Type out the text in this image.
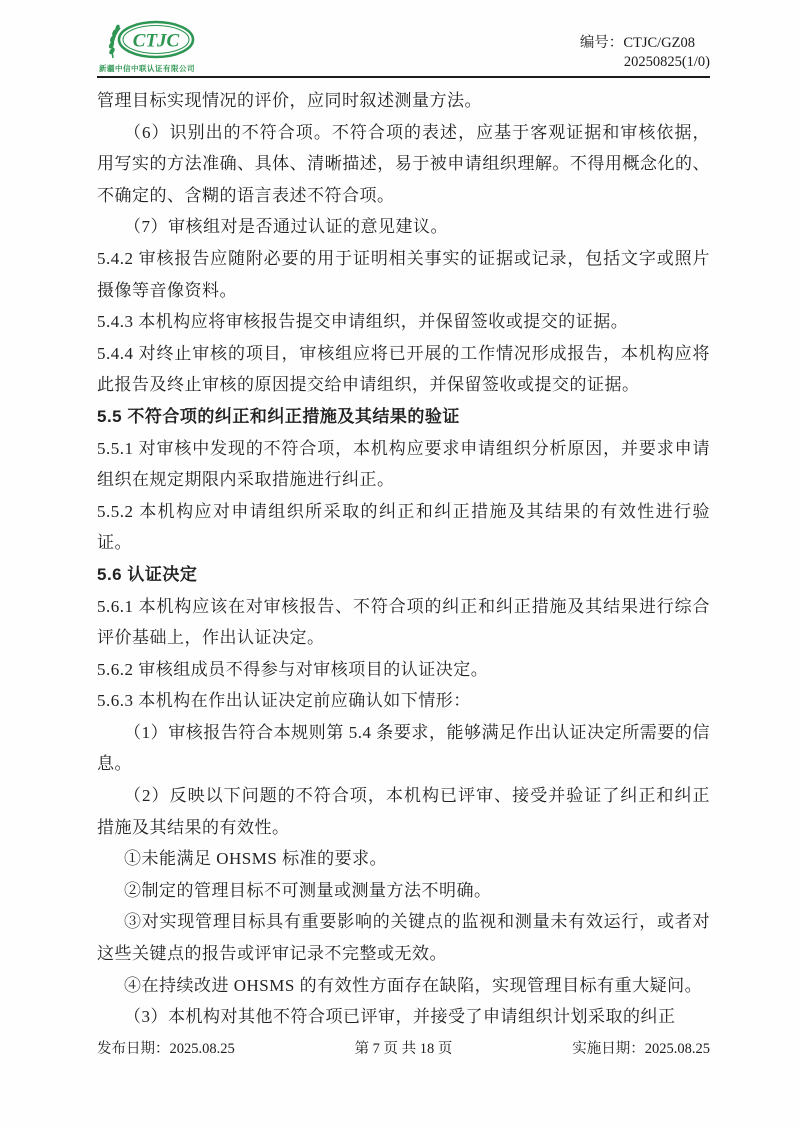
CTJC
新疆中信中联认证有限公司
编号：CTJC/GZ08
20250825(1/0)

管理目标实现情况的评价，应同时叙述测量方法。

（6）识别出的不符合项。不符合项的表述，应基于客观证据和审核依据，用写实的方法准确、具体、清晰描述，易于被申请组织理解。不得用概念化的、不确定的、含糊的语言表述不符合项。

（7）审核组对是否通过认证的意见建议。

5.4.2 审核报告应随附必要的用于证明相关事实的证据或记录，包括文字或照片摄像等音像资料。

5.4.3 本机构应将审核报告提交申请组织，并保留签收或提交的证据。

5.4.4 对终止审核的项目，审核组应将已开展的工作情况形成报告，本机构应将此报告及终止审核的原因提交给申请组织，并保留签收或提交的证据。

5.5 不符合项的纠正和纠正措施及其结果的验证

5.5.1 对审核中发现的不符合项，本机构应要求申请组织分析原因，并要求申请组织在规定期限内采取措施进行纠正。

5.5.2 本机构应对申请组织所采取的纠正和纠正措施及其结果的有效性进行验证。

5.6 认证决定

5.6.1 本机构应该在对审核报告、不符合项的纠正和纠正措施及其结果进行综合评价基础上，作出认证决定。

5.6.2 审核组成员不得参与对审核项目的认证决定。

5.6.3 本机构在作出认证决定前应确认如下情形：

（1）审核报告符合本规则第 5.4 条要求，能够满足作出认证决定所需要的信息。

（2）反映以下问题的不符合项，本机构已评审、接受并验证了纠正和纠正措施及其结果的有效性。

①未能满足 OHSMS 标准的要求。

②制定的管理目标不可测量或测量方法不明确。

③对实现管理目标具有重要影响的关键点的监视和测量未有效运行，或者对这些关键点的报告或评审记录不完整或无效。

④在持续改进 OHSMS 的有效性方面存在缺陷，实现管理目标有重大疑问。

（3）本机构对其他不符合项已评审，并接受了申请组织计划采取的纠正

发布日期：2025.08.25	第 7 页 共 18 页	实施日期：2025.08.25
